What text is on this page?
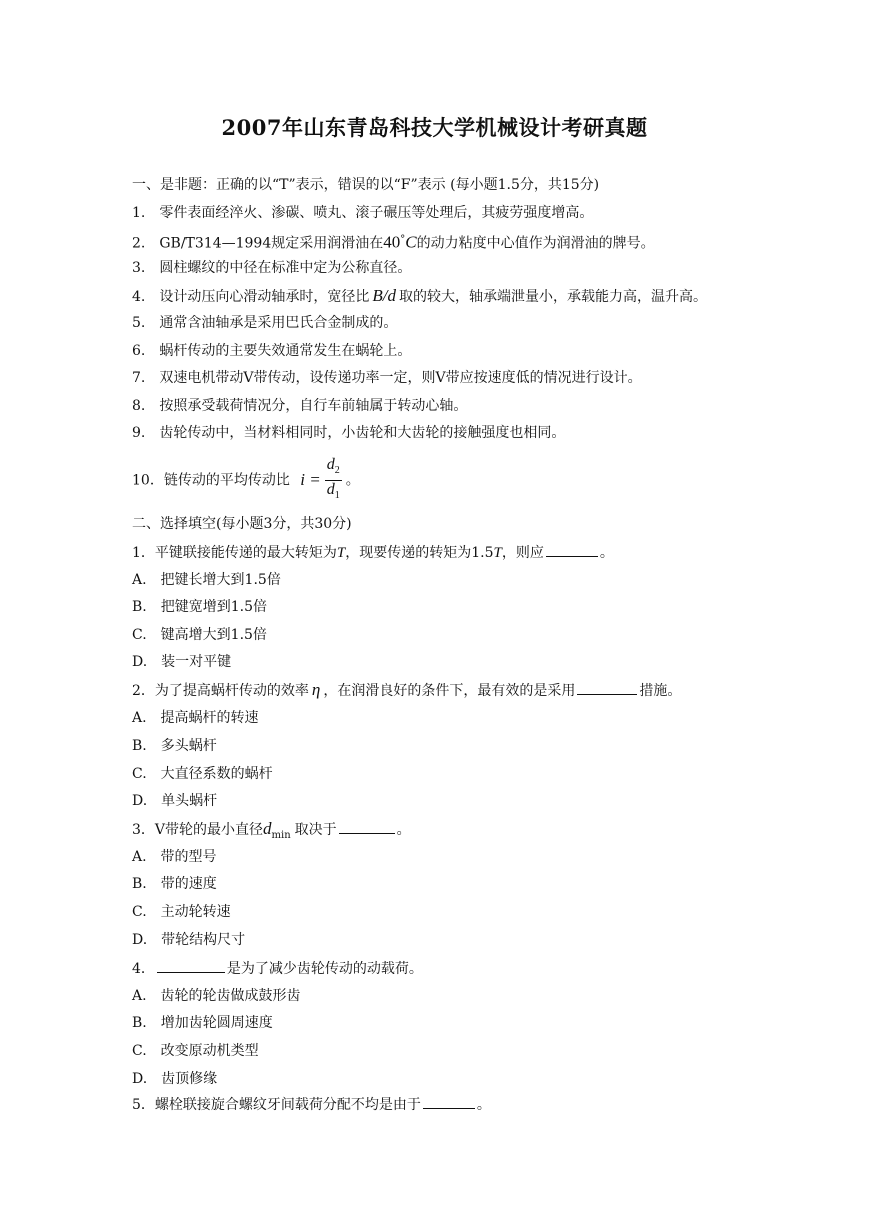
2007年山东青岛科技大学机械设计考研真题
一、是非题：正确的以“T”表示，错误的以“F”表示 (每小题1.5分，共15分)
1.　零件表面经淬火、渗碳、喷丸、滚子碾压等处理后，其疲劳强度增高。
2.　GB/T314—1994规定采用润滑油在40°C的动力粘度中心值作为润滑油的牌号。
3.　圆柱螺纹的中径在标准中定为公称直径。
4.　设计动压向心滑动轴承时，宽径比 B/d 取的较大，轴承端泄量小，承载能力高，温升高。
5.　通常含油轴承是采用巴氏合金制成的。
6.　蜗杆传动的主要失效通常发生在蜗轮上。
7.　双速电机带动V带传动，设传递功率一定，则V带应按速度低的情况进行设计。
8.　按照承受载荷情况分，自行车前轴属于转动心轴。
9.　齿轮传动中，当材料相同时，小齿轮和大齿轮的接触强度也相同。
10．链传动的平均传动比 $i = \frac{d_2}{d_1}$ 。
二、选择填空(每小题3分，共30分)
1．平键联接能传递的最大转矩为T，现要传递的转矩为1.5T，则应	。
A.　把键长增大到1.5倍
B.　把键宽增到1.5倍
C.　键高增大到1.5倍
D.　装一对平键
2．为了提高蜗杆传动的效率 η ，在润滑良好的条件下，最有效的是采用	措施。
A.　提高蜗杆的转速
B.　多头蜗杆
C.　大直径系数的蜗杆
D.　单头蜗杆
3．V带轮的最小直径$d_{min}$ 取决于	。
A.　带的型号
B.　带的速度
C.　主动轮转速
D.　带轮结构尺寸
4．	是为了减少齿轮传动的动载荷。
A.　齿轮的轮齿做成鼓形齿
B.　增加齿轮圆周速度
C.　改变原动机类型
D.　齿顶修缘
5．螺栓联接旋合螺纹牙间载荷分配不均是由于	。
